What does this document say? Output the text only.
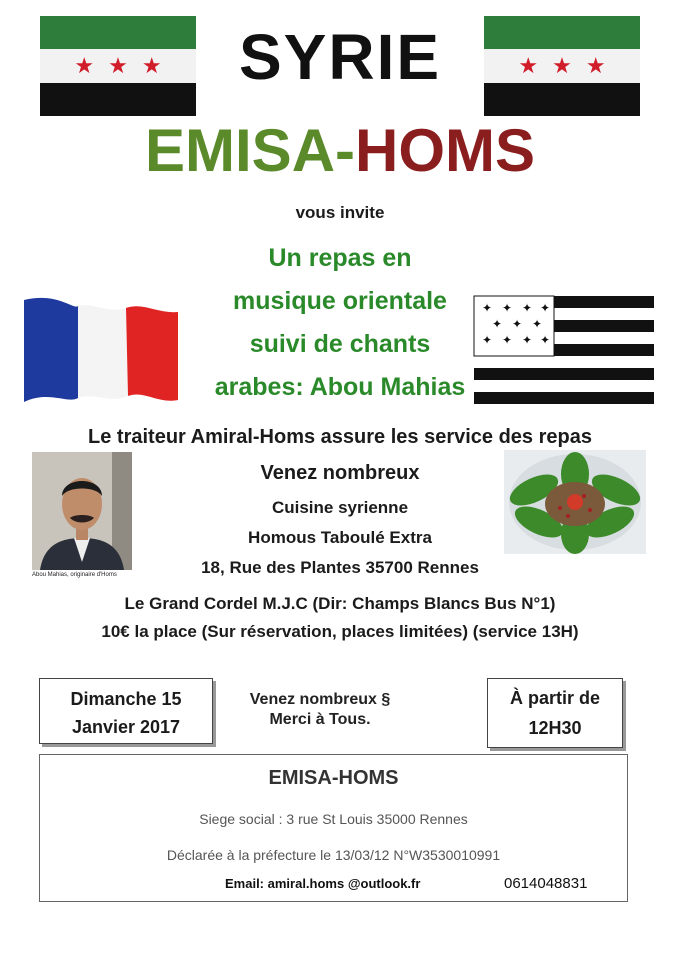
★ ★ ★	★ ★ ★
SYRIE
EMISA-HOMS
vous invite
Un repas en
musique orientale
suivi de chants
arabes: Abou Mahias
✦ ✦ ✦ ✦
✦ ✦ ✦
✦ ✦ ✦ ✦
Le traiteur Amiral-Homs assure les service des repas
Venez nombreux
Cuisine syrienne
Homous Taboulé Extra
18, Rue des Plantes 35700 Rennes
Le Grand Cordel M.J.C (Dir: Champs Blancs Bus N°1)
10€ la place (Sur réservation, places limitées) (service 13H)
Abou Mahias, originaire d'Homs
Dimanche 15
Janvier 2017
Venez nombreux §
Merci à Tous.
À partir de
12H30
EMISA-HOMS
Siege social : 3 rue St Louis 35000 Rennes
Déclarée à la préfecture le 13/03/12 N°W3530010991
Email: amiral.homs @outlook.fr	0614048831
